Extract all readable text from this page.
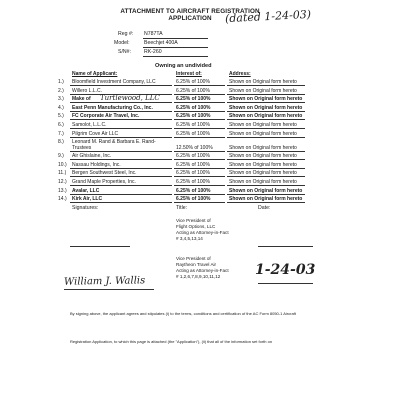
ATTACHMENT TO AIRCRAFT REGISTRATION
APPLICATION	(dated 1-24-03)
Reg #: N787TA
Model:	Beechjet 400A
S/N#:	RK-260
Owning an undivided
Name of Applicant:	Interest of:	Address:
1.) Bloomfield Investment Company, LLC	6.25% of 100%	Shown on Original form hereto
2.) Willero L.L.C.	6.25% of 100%	Shown on Original form hereto
3.) Make of Turtlewood, LLC	6.25% of 100%	Shown on Original form hereto
4.) East Penn Manufacturing Co., Inc.	6.25% of 100%	Shown on Original form hereto
5.) FC Corporate Air Travel, Inc.	6.25% of 100%	Shown on Original form hereto
6.) Samolot, L.L.C.	6.25% of 100%	Shown on Original form hereto
7.) Pilgrim Cove Air LLC	6.25% of 100%	Shown on Original form hereto
8.) Leonard M. Rand & Barbara E. Rand-
Trustees	12.50% of 100%	Shown on Original form hereto
9.) Air Ghislaine, Inc.	6.25% of 100%	Shown on Original form hereto
10.) Nassau Holdings, Inc.	6.25% of 100%	Shown on Original form hereto
11.) Bergen Southwest Steel, Inc.	6.25% of 100%	Shown on Original form hereto
12.) Grand Maple Properties, Inc.	6.25% of 100%	Shown on Original form hereto
13.) Avalar, LLC	6.25% of 100%	Shown on Original form hereto
14.) Kirk Air, LLC	6.25% of 100%	Shown on Original form hereto
Signatures:	Title:	Date:
Vice President of
Flight Options, LLC
Acting as Attorney-in-Fact
# 3,4,5,13,14
Vice President of
Raytheon Travel Air
Acting as Attorney-in-Fact
# 1,2,6,7,8,9,10,11,12
William J. Wallis
1-24-03
By signing above, the applicant agrees and stipulates (i) to the terms, conditions and certification of the AC Form 8050-1 Aircraft
Registration Application, to which this page is attached (the "Application"), (ii) that all of the information set forth on
